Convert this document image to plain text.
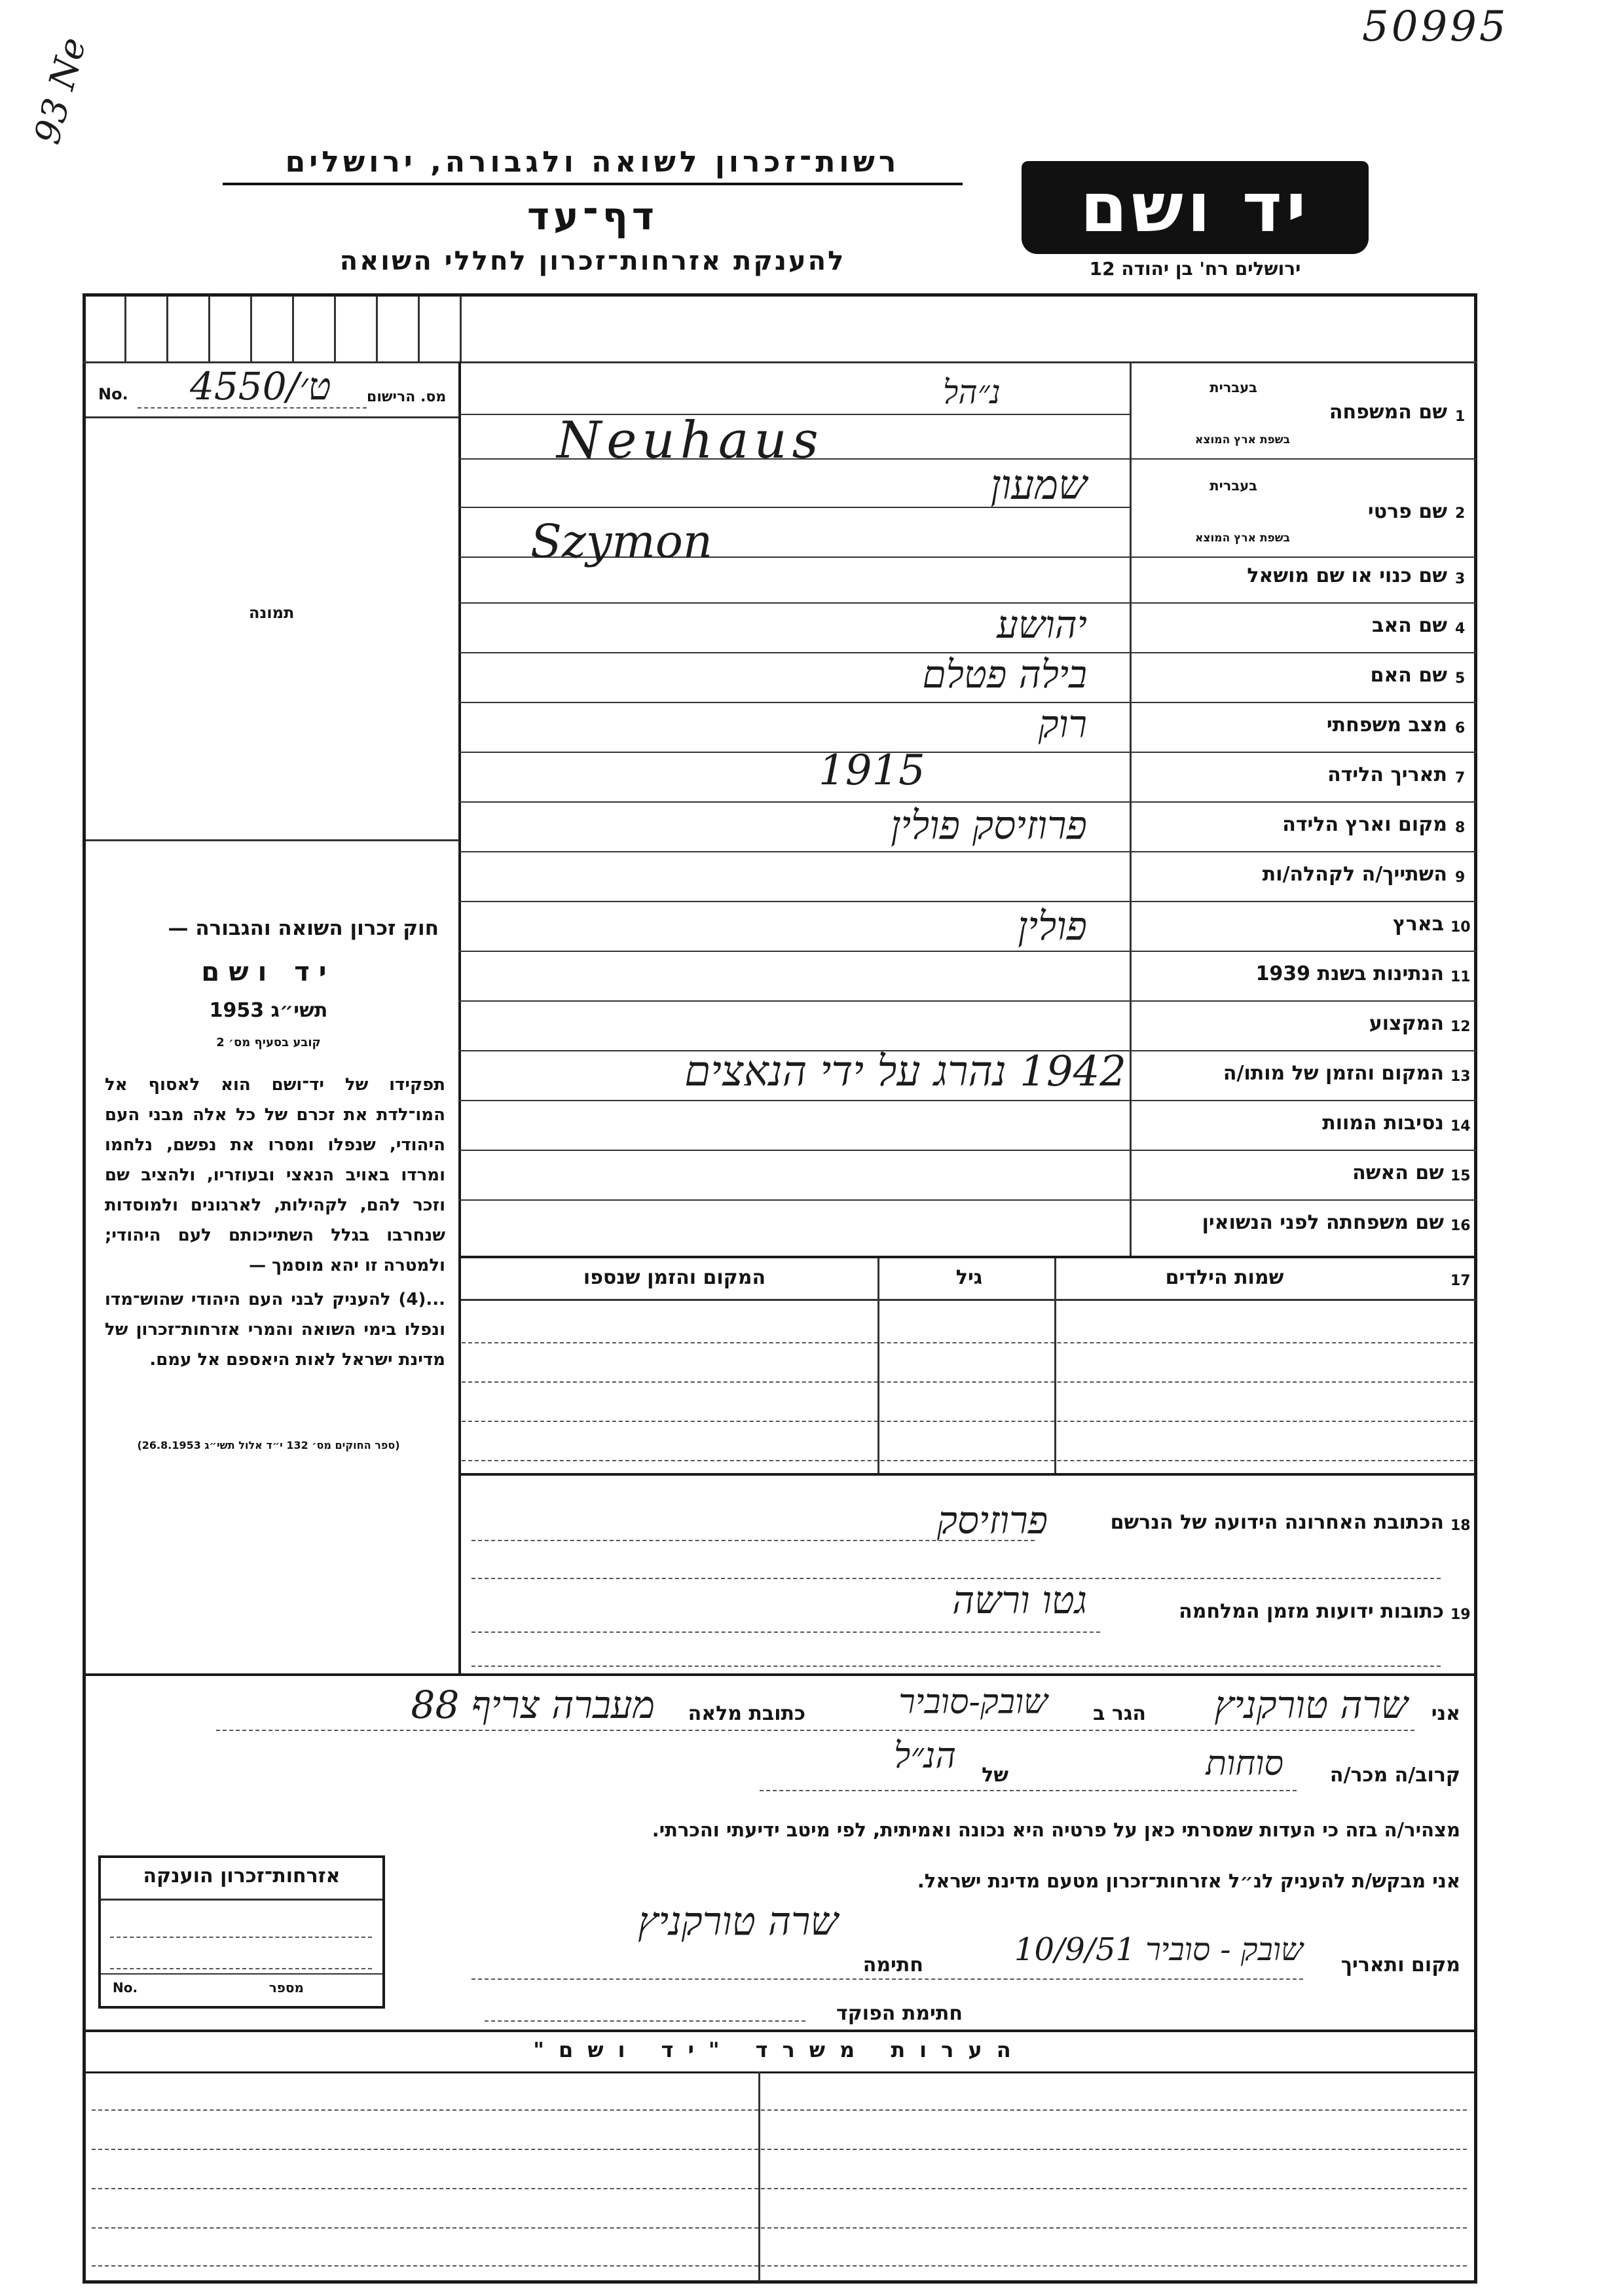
50995
93 Ne
רשות־זכרון לשואה ולגבורה, ירושלים
דף־עד
להענקת אזרחות־זכרון לחללי השואה
יד ושם
ירושלים רח' בן יהודה 12
No. 4550/ט׳ מס. הרישום
תמונה
חוק זכרון השואה והגבורה —
יד ושם
תשי״ג 1953
קובע בסעיף מס׳ 2
תפקידו של יד־ושם הוא לאסוף אל המו־לדת את זכרם של כל אלה מבני העם היהודי, שנפלו ומסרו את נפשם, נלחמו ומרדו באויב הנאצי ובעוזריו, ולהציב שם וזכר להם, לקהילות, לארגונים ולמוסדות שנחרבו בגלל השתייכותם לעם היהודי; ולמטרה זו יהא מוסמך —
...(4) להעניק לבני העם היהודי שהוש־מדו ונפלו בימי השואה והמרי אזרחות־זכרון של מדינת ישראל לאות היאספם אל עמם.
(ספר החוקים מס׳ 132 י״ד אלול תשי״ג 26.8.1953)
נ״הל
1
שם המשפחה
בעברית
בשפת ארץ המוצא
Neuhaus
2
שם פרטי
בעברית
בשפת ארץ המוצא
שמעון
Szymon
3
שם כנוי או שם מושאל
4
שם האב
יהושע
5
שם האם
בילה פטלם
6
מצב משפחתי
רוק
7
תאריך הלידה
1915
8
מקום וארץ הלידה
פרוזיסק פולין
9
השתייך/ה לקהלה/ות
10
בארץ
פולין
11
הנתינות בשנת 1939
12
המקצוע
13
המקום והזמן של מותו/ה
1942 נהרג על ידי הנאצים
14
נסיבות המוות
15
שם האשה
16
שם משפחתה לפני הנשואין
17
שמות הילדים
גיל
המקום והזמן שנספו
18
הכתובת האחרונה הידועה של הנרשם
פרוזיסק
19
כתובות ידועות מזמן המלחמה
גטו ורשה
אני
שרה טורקניץ
הגר ב
שובק-סוביר
כתובת מלאה
מעברה צריף 88
קרוב/ה מכר/ה
סוחות
של
הנ״ל
מצהיר/ה בזה כי העדות שמסרתי כאן על פרטיה היא נכונה ואמיתית, לפי מיטב ידיעתי והכרתי.
אני מבקש/ת להעניק לנ״ל אזרחות־זכרון מטעם מדינת ישראל.
מקום ותאריך
שובק - סוביר 10/9/51
חתימה
שרה טורקניץ
חתימת הפוקד
אזרחות־זכרון הוענקה
מספר
No.
הערות משרד "יד ושם"
